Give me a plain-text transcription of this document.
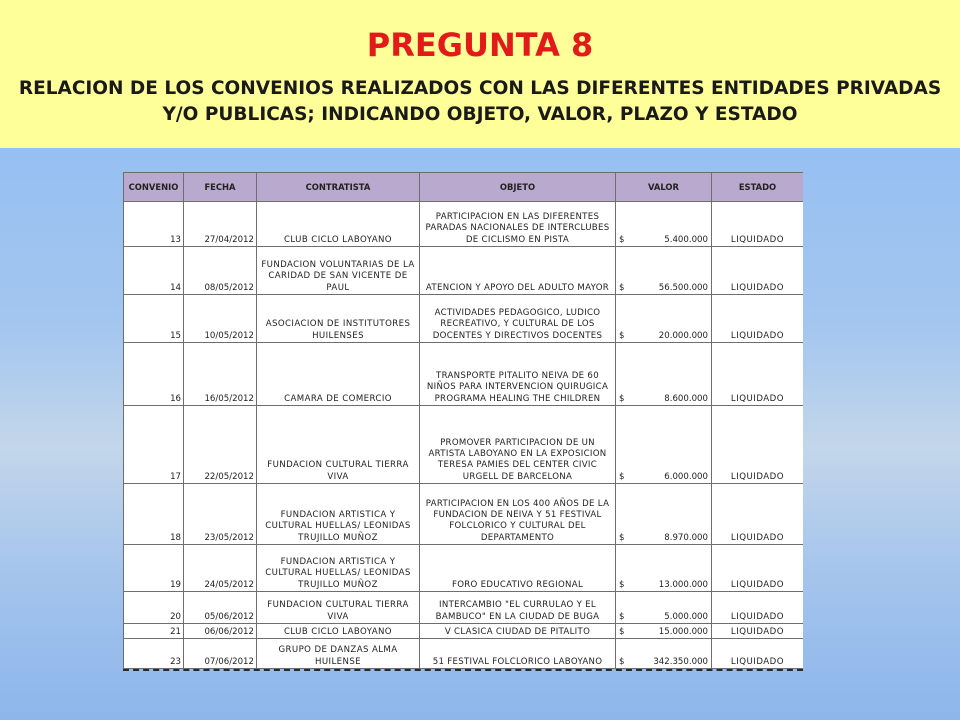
PREGUNTA 8
RELACION DE LOS CONVENIOS REALIZADOS CON LAS DIFERENTES ENTIDADES PRIVADAS
Y/O PUBLICAS; INDICANDO OBJETO, VALOR, PLAZO Y ESTADO
CONVENIO	FECHA	CONTRATISTA	OBJETO	VALOR	ESTADO
13	27/04/2012	CLUB CICLO LABOYANO	PARTICIPACION EN LAS DIFERENTES PARADAS NACIONALES DE INTERCLUBES DE CICLISMO EN PISTA	$ 5.400.000	LIQUIDADO
14	08/05/2012	FUNDACION VOLUNTARIAS DE LA CARIDAD DE SAN VICENTE DE PAUL	ATENCION Y APOYO DEL ADULTO MAYOR	$ 56.500.000	LIQUIDADO
15	10/05/2012	ASOCIACION DE INSTITUTORES HUILENSES	ACTIVIDADES PEDAGOGICO, LUDICO RECREATIVO, Y CULTURAL DE LOS DOCENTES Y DIRECTIVOS DOCENTES	$ 20.000.000	LIQUIDADO
16	16/05/2012	CAMARA DE COMERCIO	TRANSPORTE PITALITO NEIVA DE 60 NIÑOS PARA INTERVENCION QUIRUGICA PROGRAMA HEALING THE CHILDREN	$ 8.600.000	LIQUIDADO
17	22/05/2012	FUNDACION CULTURAL TIERRA VIVA	PROMOVER PARTICIPACION DE UN ARTISTA LABOYANO EN LA EXPOSICION TERESA PAMIES DEL CENTER CIVIC URGELL DE BARCELONA	$ 6.000.000	LIQUIDADO
18	23/05/2012	FUNDACION ARTISTICA Y CULTURAL HUELLAS/ LEONIDAS TRUJILLO MUÑOZ	PARTICIPACION EN LOS 400 AÑOS DE LA FUNDACION DE NEIVA Y 51 FESTIVAL FOLCLORICO Y CULTURAL DEL DEPARTAMENTO	$ 8.970.000	LIQUIDADO
19	24/05/2012	FUNDACION ARTISTICA Y CULTURAL HUELLAS/ LEONIDAS TRUJILLO MUÑOZ	FORO EDUCATIVO REGIONAL	$ 13.000.000	LIQUIDADO
20	05/06/2012	FUNDACION CULTURAL TIERRA VIVA	INTERCAMBIO "EL CURRULAO Y EL BAMBUCO" EN LA CIUDAD DE BUGA	$ 5.000.000	LIQUIDADO
21	06/06/2012	CLUB CICLO LABOYANO	V CLASICA CIUDAD DE PITALITO	$ 15.000.000	LIQUIDADO
23	07/06/2012	GRUPO DE DANZAS ALMA HUILENSE	51 FESTIVAL FOLCLORICO LABOYANO	$ 342.350.000	LIQUIDADO
